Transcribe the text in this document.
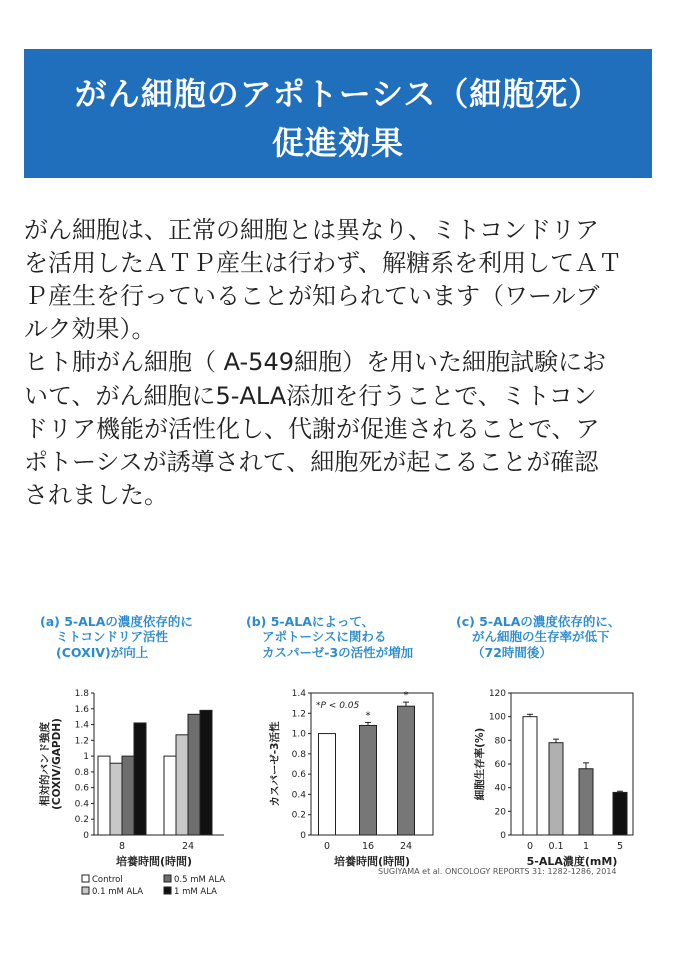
がん細胞のアポトーシス（細胞死）
促進効果

がん細胞は、正常の細胞とは異なり、ミトコンドリア
を活用したＡＴＰ産生は行わず、解糖系を利用してＡＴ
Ｐ産生を行っていることが知られています（ワールブ
ルク効果）。

ヒト肺がん細胞（ A-549細胞）を用いた細胞試験にお
いて、がん細胞に5-ALA添加を行うことで、ミトコン
ドリア機能が活性化し、代謝が促進されることで、ア
ポトーシスが誘導されて、細胞死が起こることが確認
されました。

(a) 5-ALAの濃度依存的に
ミトコンドリア活性
(COXIV)が向上
(b) 5-ALAによって、
アポトーシスに関わる
カスパーゼ-3の活性が増加
(c) 5-ALAの濃度依存的に、
がん細胞の生存率が低下
（72時間後）
0
0.2
0.4
0.6
0.8
1
1.2
1.4
1.6
1.8
8	24
相対的バンド強度 (COXIV/GAPDH)
培養時間(時間)
Control	0.5 mM ALA
0.1 mM ALA	1 mM ALA
0
0.2
0.4
0.6
0.8
1.0
1.2
1.4
0
*
16
*
24
*P < 0.05
カスパーゼ-3活性
培養時間(時間)
0
20
40
60
80
100
120
0 0.1 1	5
細胞生存率(%)
5-ALA濃度(mM)
SUGIYAMA et al. ONCOLOGY REPORTS 31: 1282-1286, 2014
